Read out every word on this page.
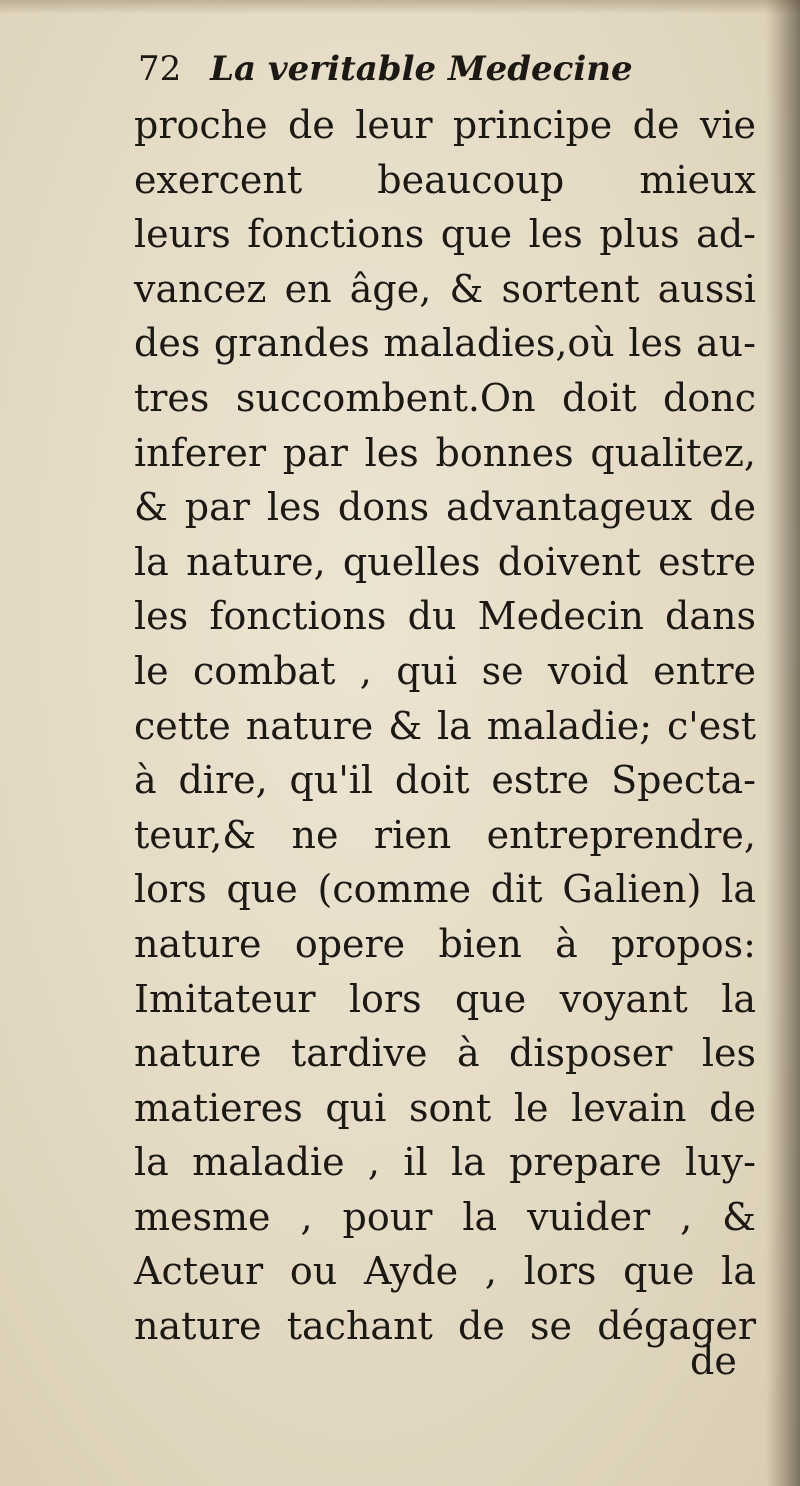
72 La veritable Medecine
proche de leur principe de vie
exercent beaucoup mieux
leurs fonctions que les plus ad-
vancez en âge, & sortent aussi
des grandes maladies,où les au-
tres succombent.On doit donc
inferer par les bonnes qualitez,
& par les dons advantageux de
la nature, quelles doivent estre
les fonctions du Medecin dans
le combat , qui se void entre
cette nature & la maladie; c'est
à dire, qu'il doit estre Specta-
teur,& ne rien entreprendre,
lors que (comme dit Galien) la
nature opere bien à propos:
Imitateur lors que voyant la
nature tardive à disposer les
matieres qui sont le levain de
la maladie , il la prepare luy-
mesme , pour la vuider , &
Acteur ou Ayde , lors que la
nature tachant de se dégager
de
